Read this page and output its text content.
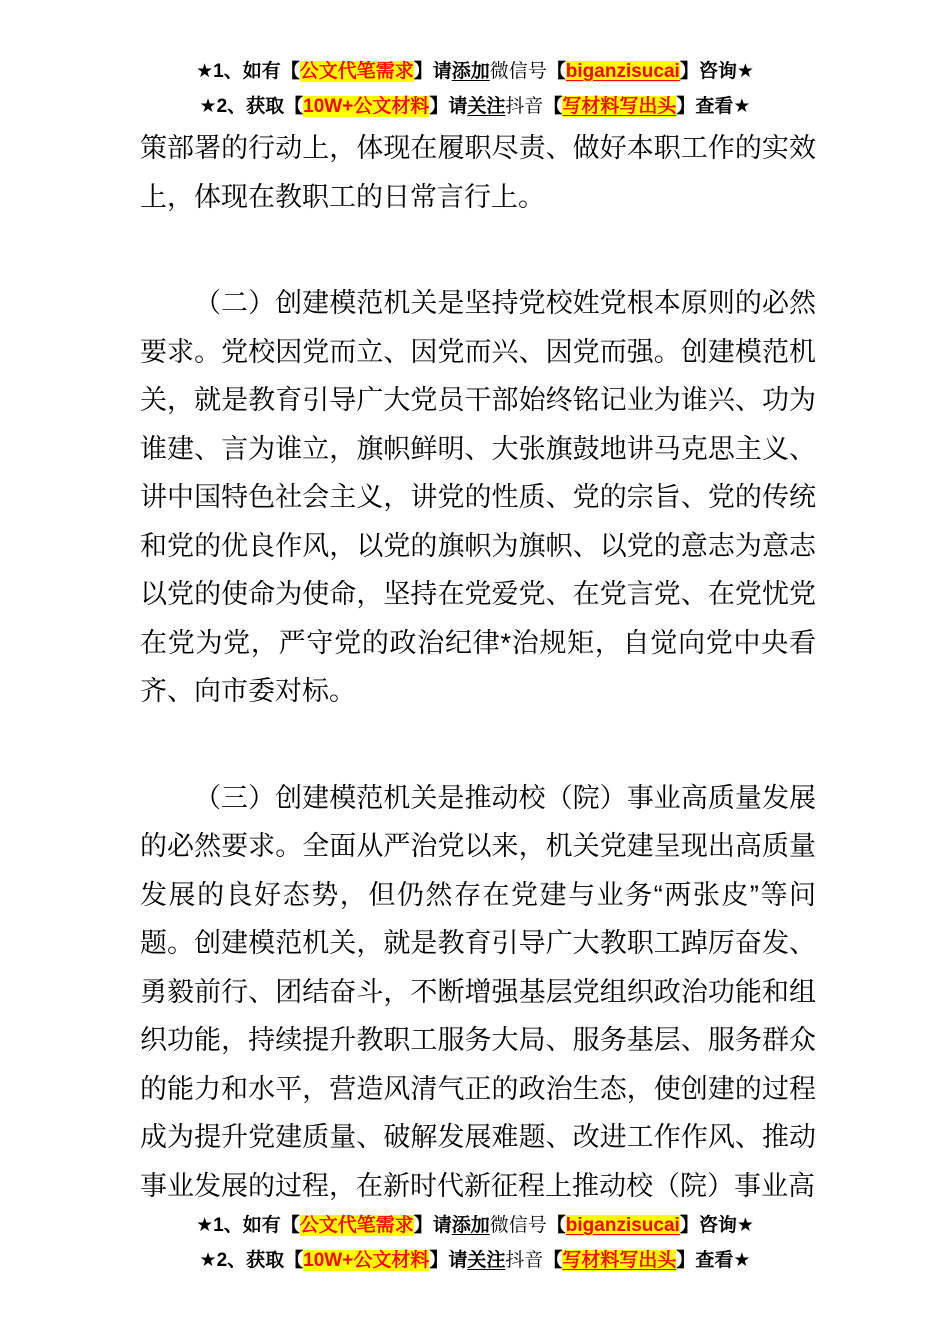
★1、如有【公文代笔需求】请添加微信号【biganzisucai】咨询★
★2、获取【10W+公文材料】请关注抖音【写材料写出头】查看★

策部署的行动上，体现在履职尽责、做好本职工作的实效上，体现在教职工的日常言行上。

（二）创建模范机关是坚持党校姓党根本原则的必然要求。党校因党而立、因党而兴、因党而强。创建模范机关，就是教育引导广大党员干部始终铭记业为谁兴、功为谁建、言为谁立，旗帜鲜明、大张旗鼓地讲马克思主义、讲中国特色社会主义，讲党的性质、党的宗旨、党的传统和党的优良作风，以党的旗帜为旗帜、以党的意志为意志以党的使命为使命，坚持在党爱党、在党言党、在党忧党在党为党，严守党的政治纪律*治规矩，自觉向党中央看齐、向市委对标。

（三）创建模范机关是推动校（院）事业高质量发展的必然要求。全面从严治党以来，机关党建呈现出高质量发展的良好态势，但仍然存在党建与业务“两张皮”等问题。创建模范机关，就是教育引导广大教职工踔厉奋发、勇毅前行、团结奋斗，不断增强基层党组织政治功能和组织功能，持续提升教职工服务大局、服务基层、服务群众的能力和水平，营造风清气正的政治生态，使创建的过程成为提升党建质量、破解发展难题、改进工作作风、推动事业发展的过程，在新时代新征程上推动校（院）事业高

★1、如有【公文代笔需求】请添加微信号【biganzisucai】咨询★
★2、获取【10W+公文材料】请关注抖音【写材料写出头】查看★
